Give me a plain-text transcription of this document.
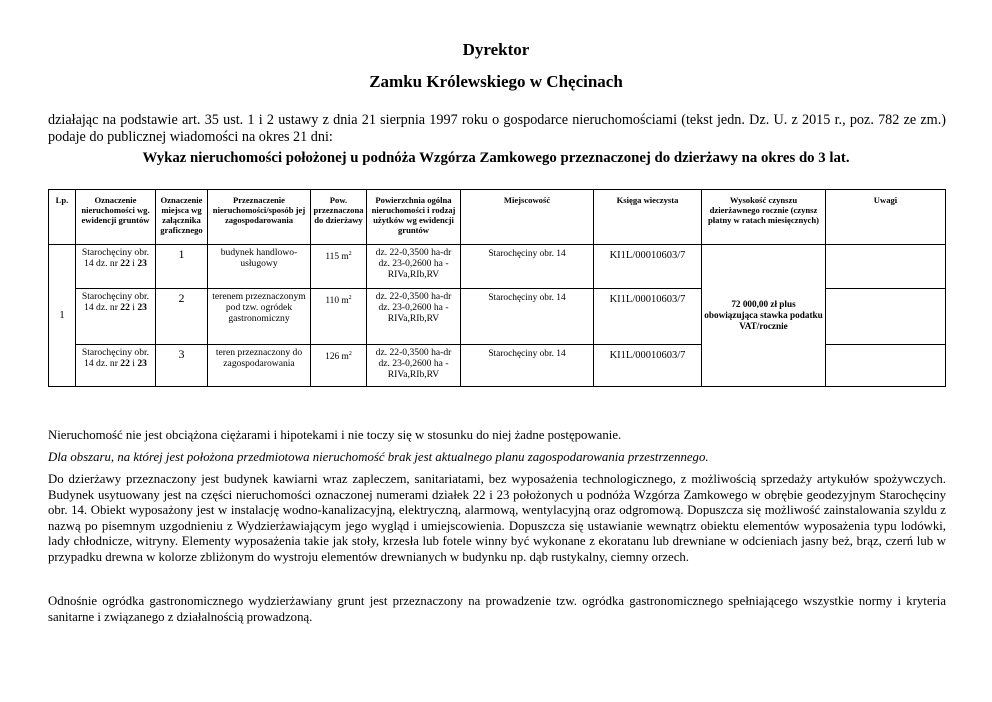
Dyrektor
Zamku Królewskiego w Chęcinach
działając na podstawie art. 35 ust. 1 i 2 ustawy z dnia 21 sierpnia 1997 roku o gospodarce nieruchomościami (tekst jedn. Dz. U. z 2015 r., poz. 782 ze zm.) podaje do publicznej wiadomości na okres 21 dni:
Wykaz nieruchomości położonej u podnóża Wzgórza Zamkowego przeznaczonej do dzierżawy na okres do 3 lat.
Lp.	Oznaczenie nieruchomości wg. ewidencji gruntów	Oznaczenie miejsca wg załącznika graficznego	Przeznaczenie nieruchomości/sposób jej zagospodarowania	Pow. przeznaczona do dzierżawy	Powierzchnia ogólna nieruchomości i rodzaj użytków wg ewidencji gruntów	Miejscowość	Księga wieczysta	Wysokość czynszu dzierżawnego rocznie (czynsz płatny w ratach miesięcznych)	Uwagi
1	Starochęciny obr. 14 dz. nr 22 i 23	1	budynek handlowo-usługowy	115 $m^2$	dz. 22-0,3500 ha-dr dz. 23-0,2600 ha - RIVa,RIb,RV	Starochęciny obr. 14	KI1L/00010603/7	72 000,00 zł plus obowiązująca stawka podatku VAT/rocznie	
	Starochęciny obr. 14 dz. nr 22 i 23	2	terenem przeznaczonym pod tzw. ogródek gastronomiczny	110 $m^2$	dz. 22-0,3500 ha-dr dz. 23-0,2600 ha - RIVa,RIb,RV	Starochęciny obr. 14	KI1L/00010603/7		
	Starochęciny obr. 14 dz. nr 22 i 23	3	teren przeznaczony do zagospodarowania	126 $m^2$	dz. 22-0,3500 ha-dr dz. 23-0,2600 ha - RIVa,RIb,RV	Starochęciny obr. 14	KI1L/00010603/7		
Nieruchomość nie jest obciążona ciężarami i hipotekami i nie toczy się w stosunku do niej żadne postępowanie.
Dla obszaru, na której jest położona przedmiotowa nieruchomość brak jest aktualnego planu zagospodarowania przestrzennego.
Do dzierżawy przeznaczony jest budynek kawiarni wraz zapleczem, sanitariatami, bez wyposażenia technologicznego, z możliwością sprzedaży artykułów spożywczych. Budynek usytuowany jest na części nieruchomości oznaczonej numerami działek 22 i 23 położonych u podnóża Wzgórza Zamkowego w obrębie geodezyjnym Starochęciny obr. 14. Obiekt wyposażony jest w instalację wodno-kanalizacyjną, elektryczną, alarmową, wentylacyjną oraz odgromową. Dopuszcza się możliwość zainstalowania szyldu z nazwą po pisemnym uzgodnieniu z Wydzierżawiającym jego wygląd i umiejscowienia. Dopuszcza się ustawianie wewnątrz obiektu elementów wyposażenia typu lodówki, lady chłodnicze, witryny. Elementy wyposażenia takie jak stoły, krzesła lub fotele winny być wykonane z ekoratanu lub drewniane w odcieniach jasny beż, brąz, czerń lub w przypadku drewna w kolorze zbliżonym do wystroju elementów drewnianych w budynku np. dąb rustykalny, ciemny orzech.
Odnośnie ogródka gastronomicznego wydzierżawiany grunt jest przeznaczony na prowadzenie tzw. ogródka gastronomicznego spełniającego wszystkie normy i kryteria sanitarne i związanego z działalnością prowadzoną.
